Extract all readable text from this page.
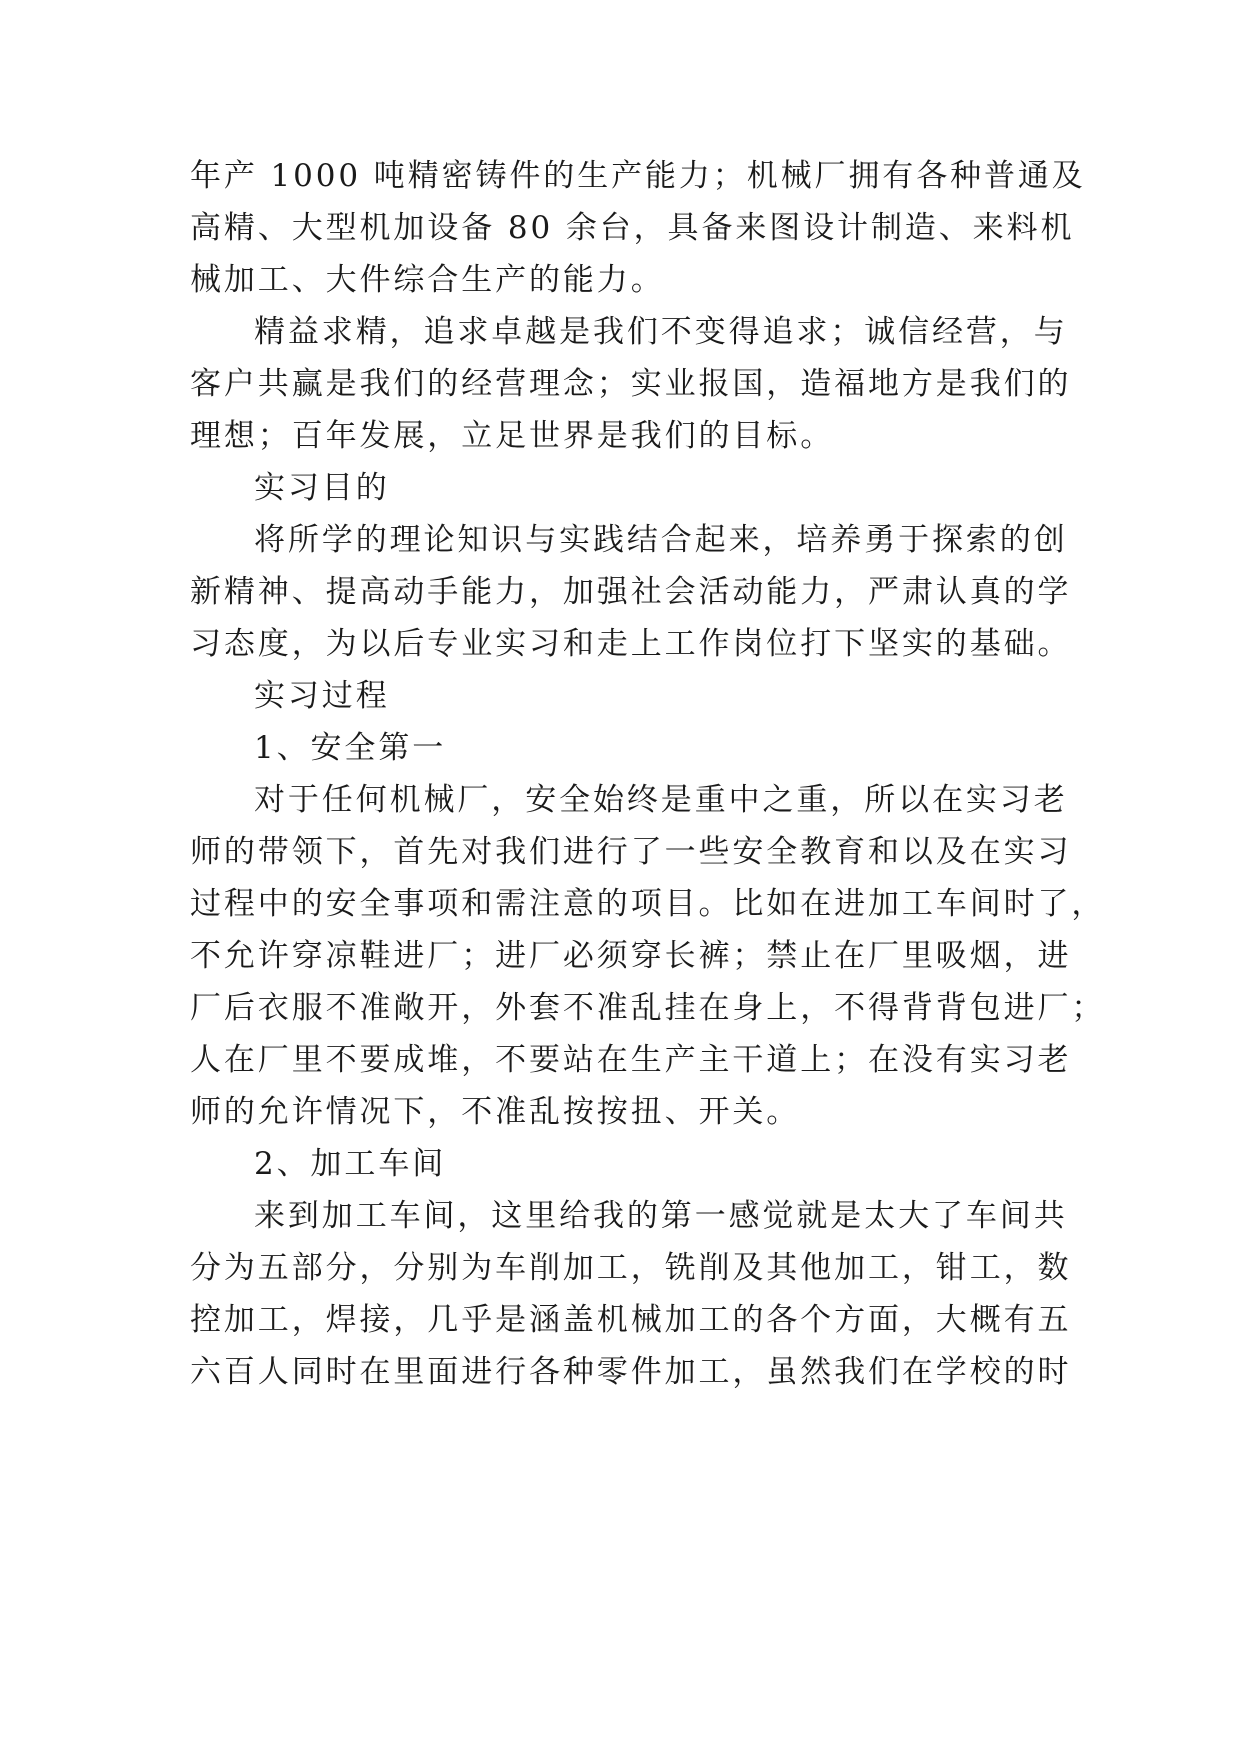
年产 1000 吨精密铸件的生产能力；机械厂拥有各种普通及
高精、大型机加设备 80 余台，具备来图设计制造、来料机
械加工、大件综合生产的能力。
精益求精，追求卓越是我们不变得追求；诚信经营，与
客户共赢是我们的经营理念；实业报国，造福地方是我们的
理想；百年发展，立足世界是我们的目标。
实习目的
将所学的理论知识与实践结合起来，培养勇于探索的创
新精神、提高动手能力，加强社会活动能力，严肃认真的学
习态度，为以后专业实习和走上工作岗位打下坚实的基础。
实习过程
1、安全第一
对于任何机械厂，安全始终是重中之重，所以在实习老
师的带领下，首先对我们进行了一些安全教育和以及在实习
过程中的安全事项和需注意的项目。比如在进加工车间时了，
不允许穿凉鞋进厂；进厂必须穿长裤；禁止在厂里吸烟，进
厂后衣服不准敞开，外套不准乱挂在身上，不得背背包进厂；
人在厂里不要成堆，不要站在生产主干道上；在没有实习老
师的允许情况下，不准乱按按扭、开关。
2、加工车间
来到加工车间，这里给我的第一感觉就是太大了车间共
分为五部分，分别为车削加工，铣削及其他加工，钳工，数
控加工，焊接，几乎是涵盖机械加工的各个方面，大概有五
六百人同时在里面进行各种零件加工，虽然我们在学校的时
